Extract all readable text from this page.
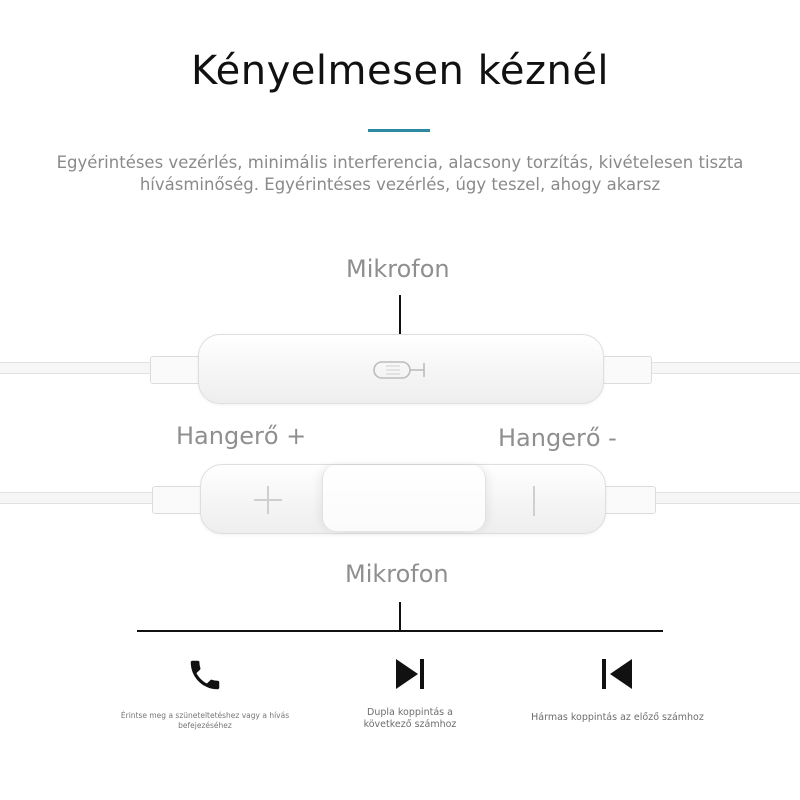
Kényelmesen kéznél
Egyérintéses vezérlés, minimális interferencia, alacsony torzítás, kivételesen tiszta
hívásminőség. Egyérintéses vezérlés, úgy teszel, ahogy akarsz
Mikrofon
Hangerő +	Hangerő -
Mikrofon
Érintse meg a szüneteltetéshez vagy a hívás
befejezéséhez
Dupla koppintás a
következő számhoz
Hármas koppintás az előző számhoz
